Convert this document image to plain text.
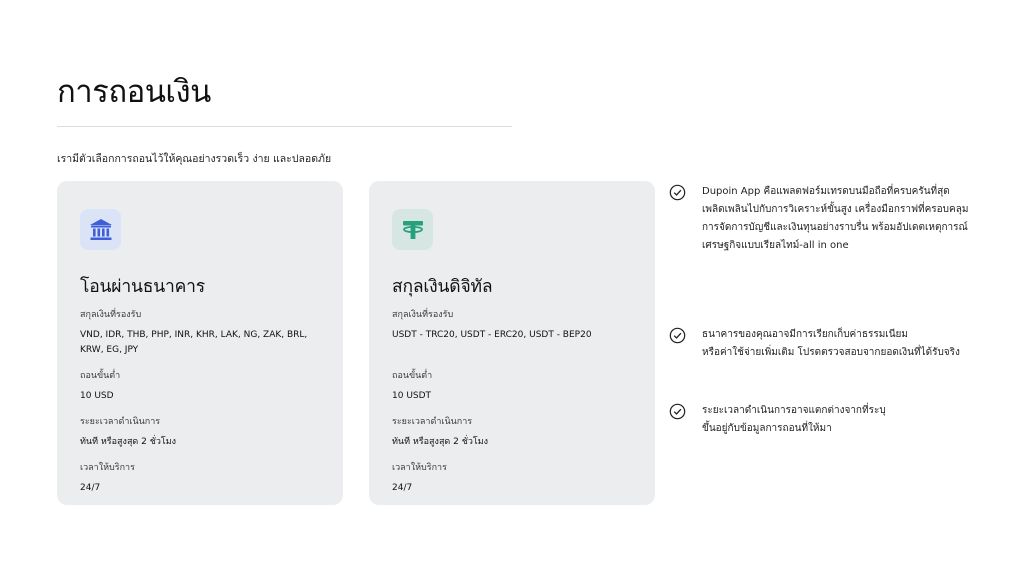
การถอนเงิน
เรามีตัวเลือกการถอนไว้ให้คุณอย่างรวดเร็ว ง่าย และปลอดภัย
โอนผ่านธนาคาร
สกุลเงินที่รองรับ
VND, IDR, THB, PHP, INR, KHR, LAK, NG, ZAK, BRL,
KRW, EG, JPY
ถอนขั้นต่ำ
10 USD
ระยะเวลาดำเนินการ
ทันที หรือสูงสุด 2 ชั่วโมง
เวลาให้บริการ
24/7
สกุลเงินดิจิทัล
สกุลเงินที่รองรับ
USDT - TRC20, USDT - ERC20, USDT - BEP20
ถอนขั้นต่ำ
10 USDT
ระยะเวลาดำเนินการ
ทันที หรือสูงสุด 2 ชั่วโมง
เวลาให้บริการ
24/7
Dupoin App คือแพลตฟอร์มเทรดบนมือถือที่ครบครันที่สุด
เพลิดเพลินไปกับการวิเคราะห์ขั้นสูง เครื่องมือกราฟที่ครอบคลุม
การจัดการบัญชีและเงินทุนอย่างราบรื่น พร้อมอัปเดตเหตุการณ์
เศรษฐกิจแบบเรียลไทม์-all in one
ธนาคารของคุณอาจมีการเรียกเก็บค่าธรรมเนียม
หรือค่าใช้จ่ายเพิ่มเติม โปรดตรวจสอบจากยอดเงินที่ได้รับจริง
ระยะเวลาดำเนินการอาจแตกต่างจากที่ระบุ
ขึ้นอยู่กับข้อมูลการถอนที่ให้มา
